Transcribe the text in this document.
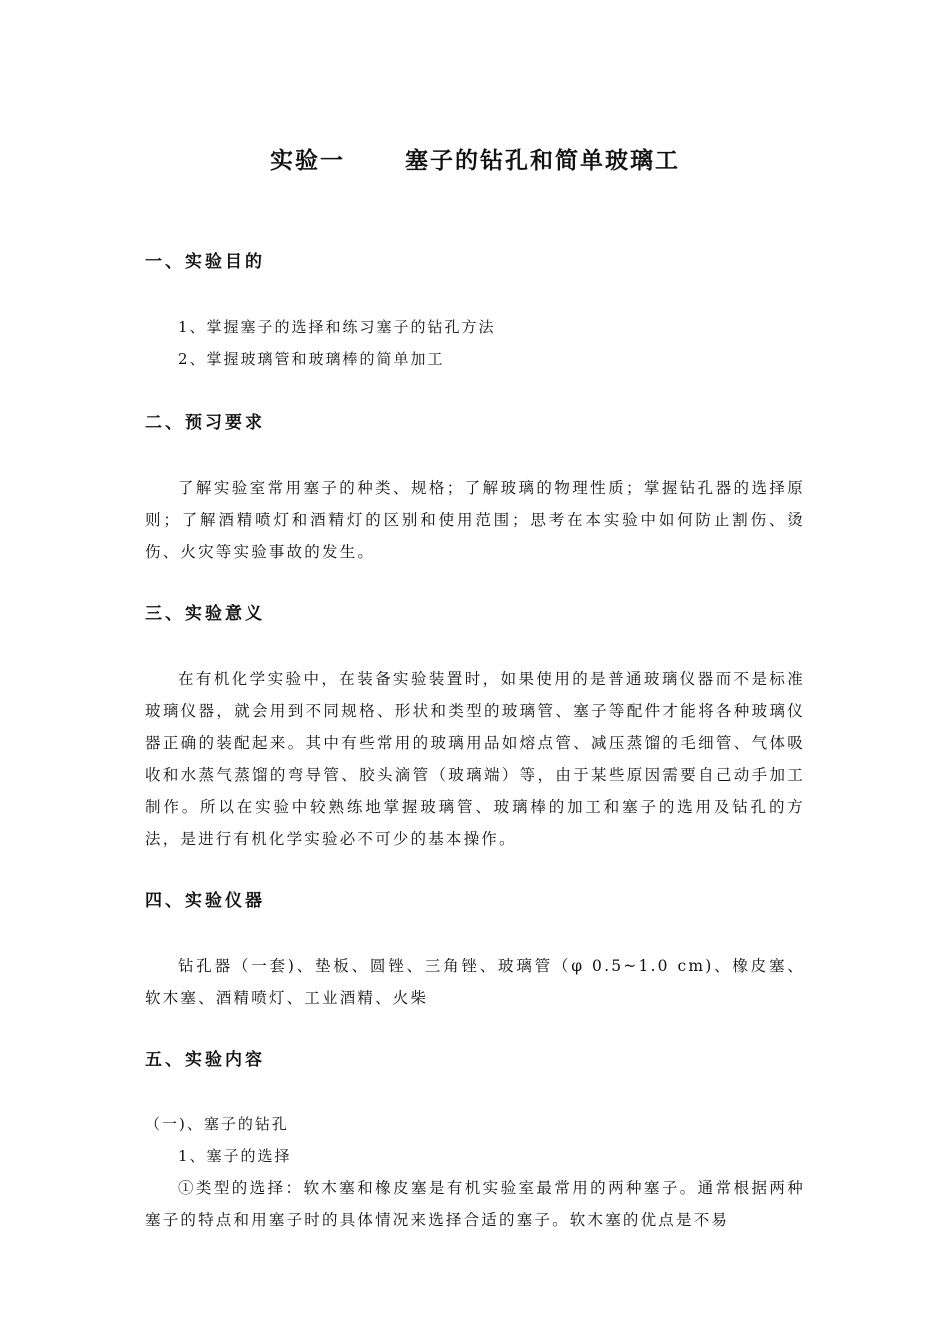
实验一	塞子的钻孔和简单玻璃工
一、实验目的
1、掌握塞子的选择和练习塞子的钻孔方法
2、掌握玻璃管和玻璃棒的简单加工
二、预习要求

了解实验室常用塞子的种类、规格；了解玻璃的物理性质；掌握钻孔器的选择原则；了解酒精喷灯和酒精灯的区别和使用范围；思考在本实验中如何防止割伤、烫伤、火灾等实验事故的发生。

三、实验意义

在有机化学实验中，在装备实验装置时，如果使用的是普通玻璃仪器而不是标准玻璃仪器，就会用到不同规格、形状和类型的玻璃管、塞子等配件才能将各种玻璃仪器正确的装配起来。其中有些常用的玻璃用品如熔点管、减压蒸馏的毛细管、气体吸收和水蒸气蒸馏的弯导管、胶头滴管（玻璃端）等，由于某些原因需要自己动手加工制作。所以在实验中较熟练地掌握玻璃管、玻璃棒的加工和塞子的选用及钻孔的方法，是进行有机化学实验必不可少的基本操作。

四、实验仪器

钻孔器（一套)、垫板、圆锉、三角锉、玻璃管（φ 0.5~1.0 cm)、橡皮塞、软木塞、酒精喷灯、工业酒精、火柴

五、实验内容

（一)、塞子的钻孔

1、塞子的选择

①类型的选择：软木塞和橡皮塞是有机实验室最常用的两种塞子。通常根据两种塞子的特点和用塞子时的具体情况来选择合适的塞子。软木塞的优点是不易
